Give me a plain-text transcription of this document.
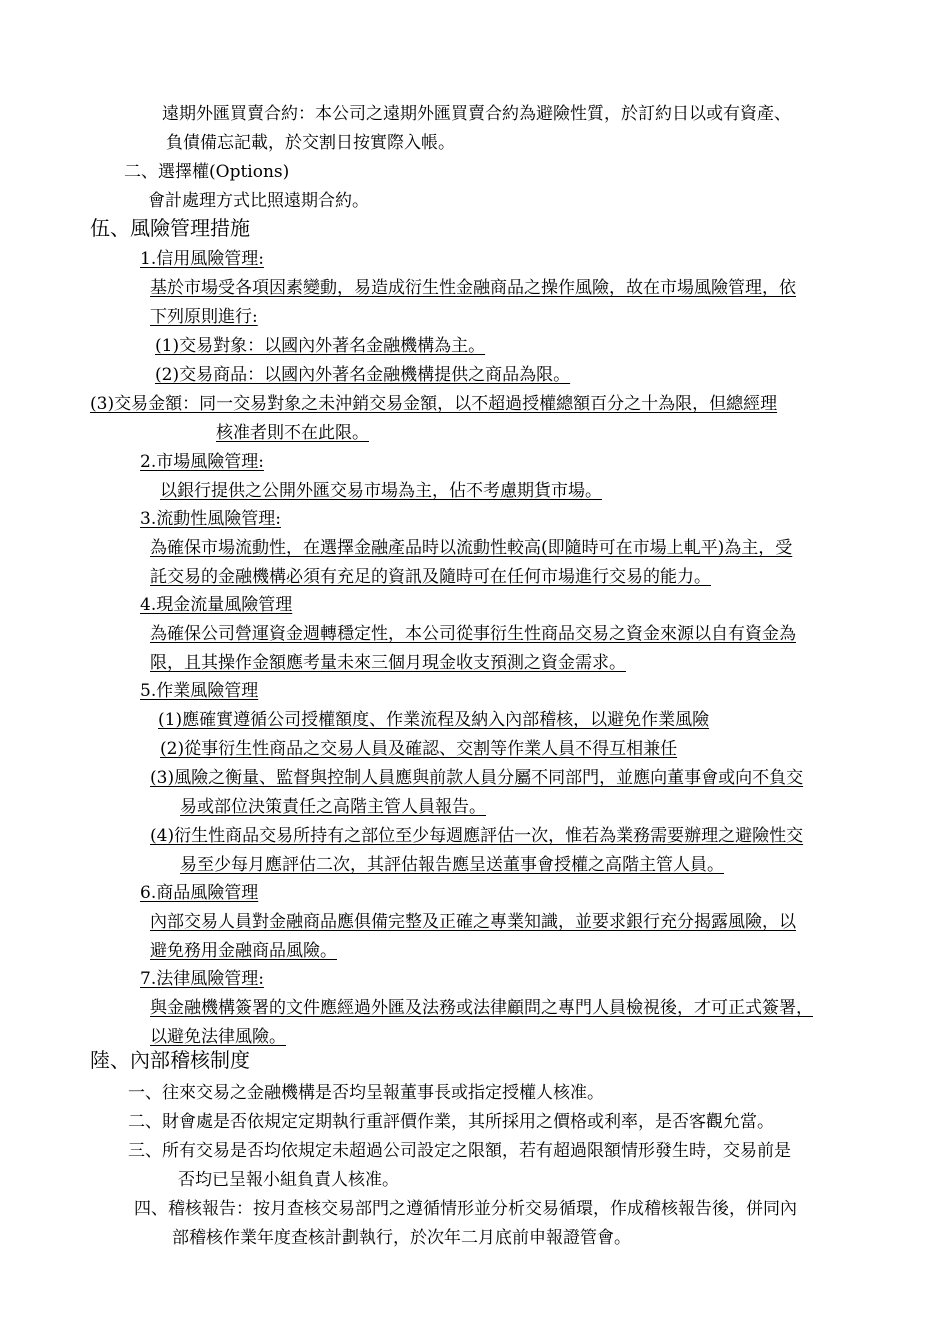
遠期外匯買賣合約：本公司之遠期外匯買賣合約為避險性質，於訂約日以或有資產、
負債備忘記載，於交割日按實際入帳。
二、選擇權(Options)
會計處理方式比照遠期合約。
伍、風險管理措施
1.信用風險管理:
基於市場受各項因素變動，易造成衍生性金融商品之操作風險，故在市場風險管理，依
下列原則進行:
(1)交易對象：以國內外著名金融機構為主。
(2)交易商品：以國內外著名金融機構提供之商品為限。
(3)交易金額：同一交易對象之未沖銷交易金額，以不超過授權總額百分之十為限，但總經理
核准者則不在此限。
2.市場風險管理:
以銀行提供之公開外匯交易市場為主，佔不考慮期貨市場。
3.流動性風險管理:
為確保市場流動性，在選擇金融產品時以流動性較高(即隨時可在市場上軋平)為主，受
託交易的金融機構必須有充足的資訊及隨時可在任何市場進行交易的能力。
4.現金流量風險管理
為確保公司營運資金週轉穩定性，本公司從事衍生性商品交易之資金來源以自有資金為
限，且其操作金額應考量未來三個月現金收支預測之資金需求。
5.作業風險管理
(1)應確實遵循公司授權額度、作業流程及納入內部稽核，以避免作業風險
(2)從事衍生性商品之交易人員及確認、交割等作業人員不得互相兼任
(3)風險之衡量、監督與控制人員應與前款人員分屬不同部門，並應向董事會或向不負交
易或部位決策責任之高階主管人員報告。
(4)衍生性商品交易所持有之部位至少每週應評估一次，惟若為業務需要辦理之避險性交
易至少每月應評估二次，其評估報告應呈送董事會授權之高階主管人員。
6.商品風險管理
內部交易人員對金融商品應俱備完整及正確之專業知識，並要求銀行充分揭露風險，以
避免務用金融商品風險。
7.法律風險管理:
與金融機構簽署的文件應經過外匯及法務或法律顧問之專門人員檢視後，才可正式簽署，
以避免法律風險。
陸、內部稽核制度
一、往來交易之金融機構是否均呈報董事長或指定授權人核准。
二、財會處是否依規定定期執行重評價作業，其所採用之價格或利率，是否客觀允當。
三、所有交易是否均依規定未超過公司設定之限額，若有超過限額情形發生時，交易前是
否均已呈報小組負責人核准。
四、稽核報告：按月查核交易部門之遵循情形並分析交易循環，作成稽核報告後，併同內
部稽核作業年度查核計劃執行，於次年二月底前申報證管會。
